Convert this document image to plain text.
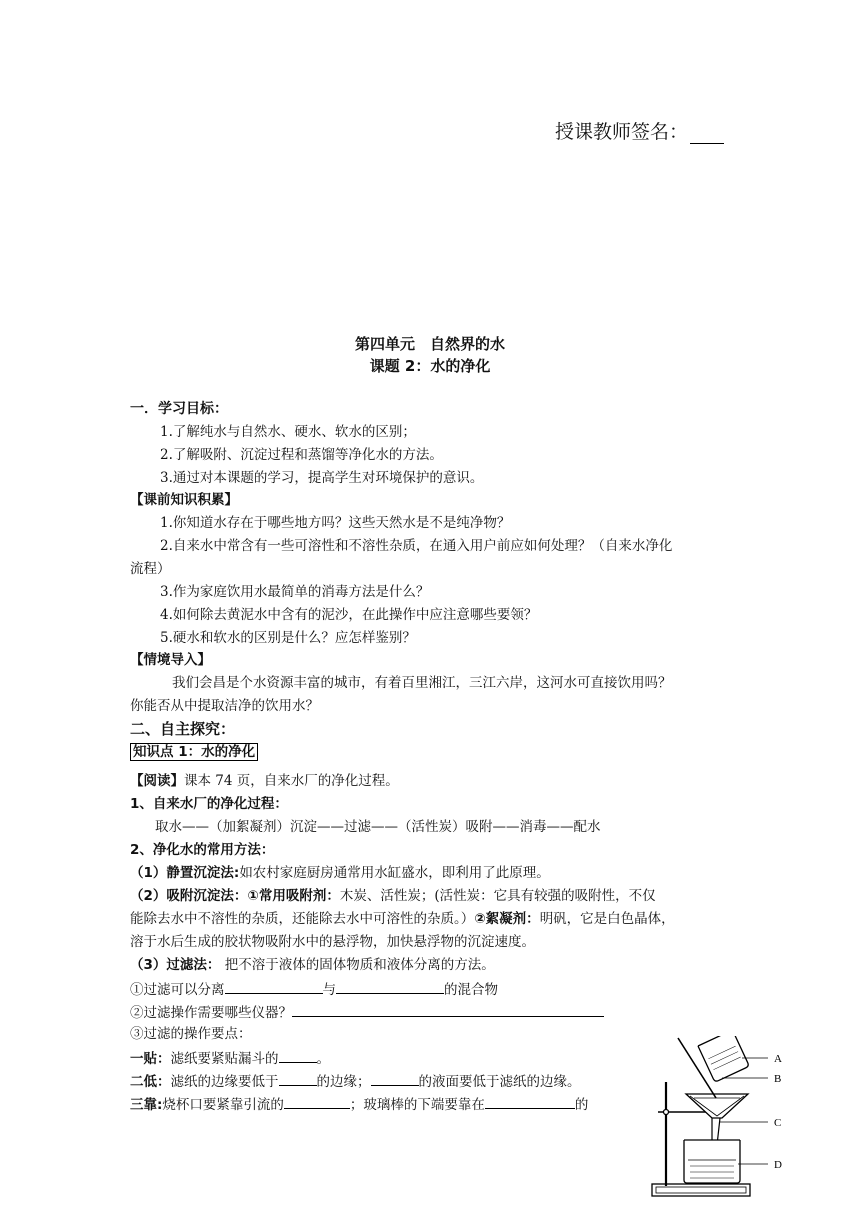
授课教师签名：
第四单元　自然界的水
课题 2：水的净化
一．学习目标：
1.了解纯水与自然水、硬水、软水的区别；
2.了解吸附、沉淀过程和蒸馏等净化水的方法。
3.通过对本课题的学习，提高学生对环境保护的意识。
【课前知识积累】
1.你知道水存在于哪些地方吗？这些天然水是不是纯净物？
2.自来水中常含有一些可溶性和不溶性杂质，在通入用户前应如何处理？（自来水净化
流程）
3.作为家庭饮用水最简单的消毒方法是什么？
4.如何除去黄泥水中含有的泥沙，在此操作中应注意哪些要领？
5.硬水和软水的区别是什么？应怎样鉴别？
【情境导入】
我们会昌是个水资源丰富的城市，有着百里湘江，三江六岸，这河水可直接饮用吗？
你能否从中提取洁净的饮用水？
二、自主探究：
知识点 1：水的净化
【阅读】课本 74 页，自来水厂的净化过程。
1、自来水厂的净化过程：
取水——（加絮凝剂）沉淀——过滤——（活性炭）吸附——消毒——配水
2、净化水的常用方法：
（1）静置沉淀法:如农村家庭厨房通常用水缸盛水，即利用了此原理。
（2）吸附沉淀法：①常用吸附剂：木炭、活性炭；(活性炭：它具有较强的吸附性，不仅
能除去水中不溶性的杂质，还能除去水中可溶性的杂质。）②絮凝剂：明矾，它是白色晶体，
溶于水后生成的胶状物吸附水中的悬浮物，加快悬浮物的沉淀速度。
（3）过滤法： 把不溶于液体的固体物质和液体分离的方法。
①过滤可以分离	与	的混合物
②过滤操作需要哪些仪器？
③过滤的操作要点：
一贴：滤纸要紧贴漏斗的	。
二低：滤纸的边缘要低于	的边缘；	的液面要低于滤纸的边缘。
三靠:烧杯口要紧靠引流的	；玻璃棒的下端要靠在	的
A
B
C
D
